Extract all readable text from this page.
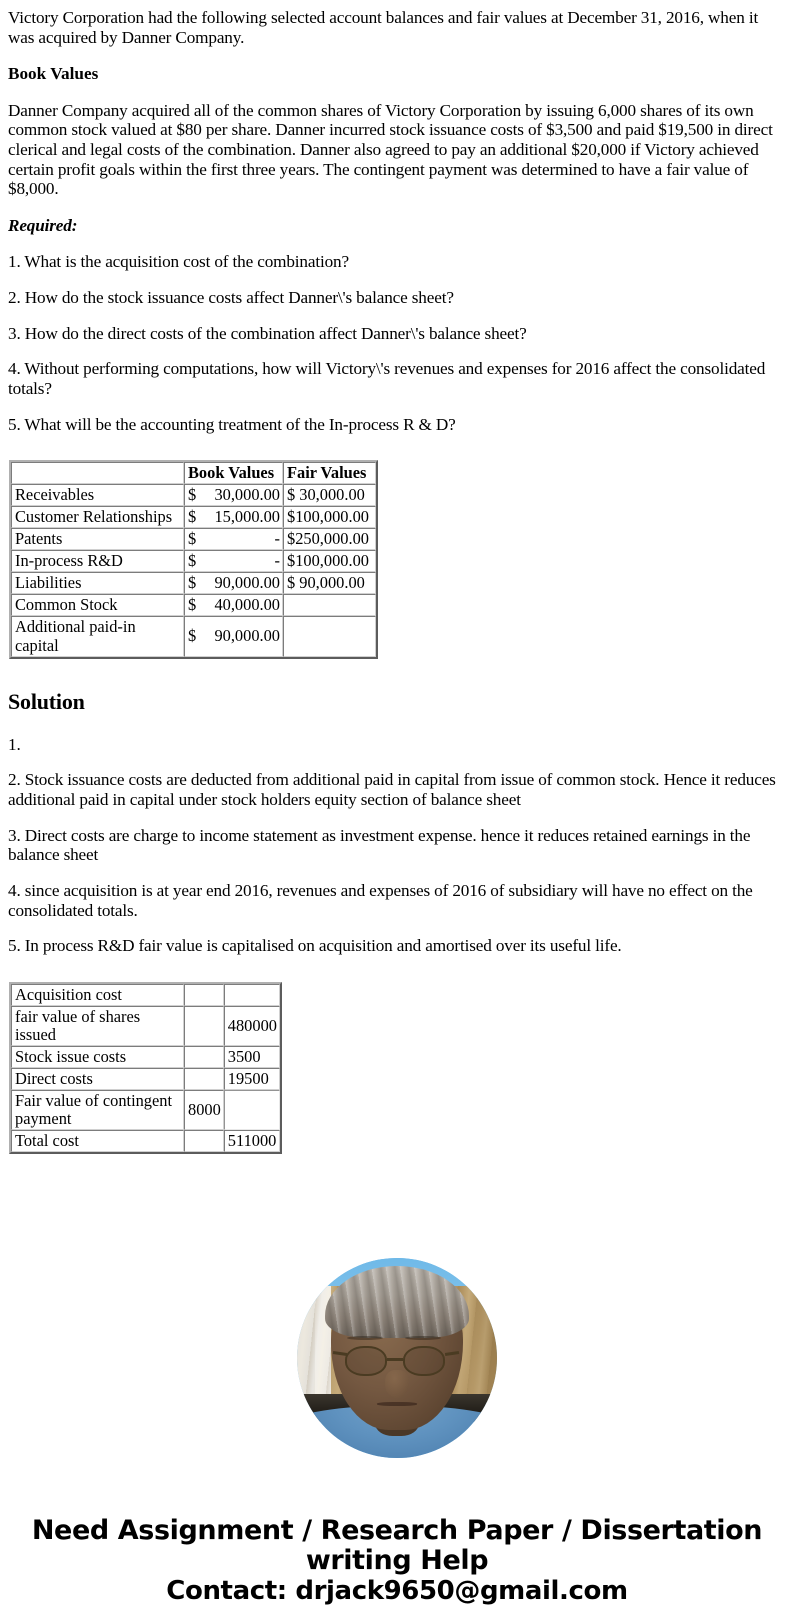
Victory Corporation had the following selected account balances and fair values at December 31, 2016, when it was acquired by Danner Company.

Book Values

Danner Company acquired all of the common shares of Victory Corporation by issuing 6,000 shares of its own common stock valued at $80 per share. Danner incurred stock issuance costs of $3,500 and paid $19,500 in direct clerical and legal costs of the combination. Danner also agreed to pay an additional $20,000 if Victory achieved certain profit goals within the first three years. The contingent payment was determined to have a fair value of $8,000.

Required:

1. What is the acquisition cost of the combination?

2. How do the stock issuance costs affect Danner\'s balance sheet?

3. How do the direct costs of the combination affect Danner\'s balance sheet?

4. Without performing computations, how will Victory\'s revenues and expenses for 2016 affect the consolidated totals?

5. What will be the accounting treatment of the In-process R & D?

	Book Values	Fair Values
Receivables	$ 30,000.00	$ 30,000.00
Customer Relationships	$ 15,000.00	$100,000.00
Patents	$ -	$250,000.00
In-process R&D	$ -	$100,000.00
Liabilities	$ 90,000.00	$ 90,000.00
Common Stock	$ 40,000.00	

Additional paid-in capital	$ 90,000.00	

Solution

1.

2. Stock issuance costs are deducted from additional paid in capital from issue of common stock. Hence it reduces additional paid in capital under stock holders equity section of balance sheet

3. Direct costs are charge to income statement as investment expense. hence it reduces retained earnings in the balance sheet

4. since acquisition is at year end 2016, revenues and expenses of 2016 of subsidiary will have no effect on the consolidated totals.

5. In process R&D fair value is capitalised on acquisition and amortised over its useful life.

Acquisition cost		
fair value of shares issued		480000
Stock issue costs		3500
Direct costs		19500
Fair value of contingent payment	8000	
Total cost		511000
Need Assignment / Research Paper / Dissertation
writing Help
Contact: drjack9650@gmail.com
